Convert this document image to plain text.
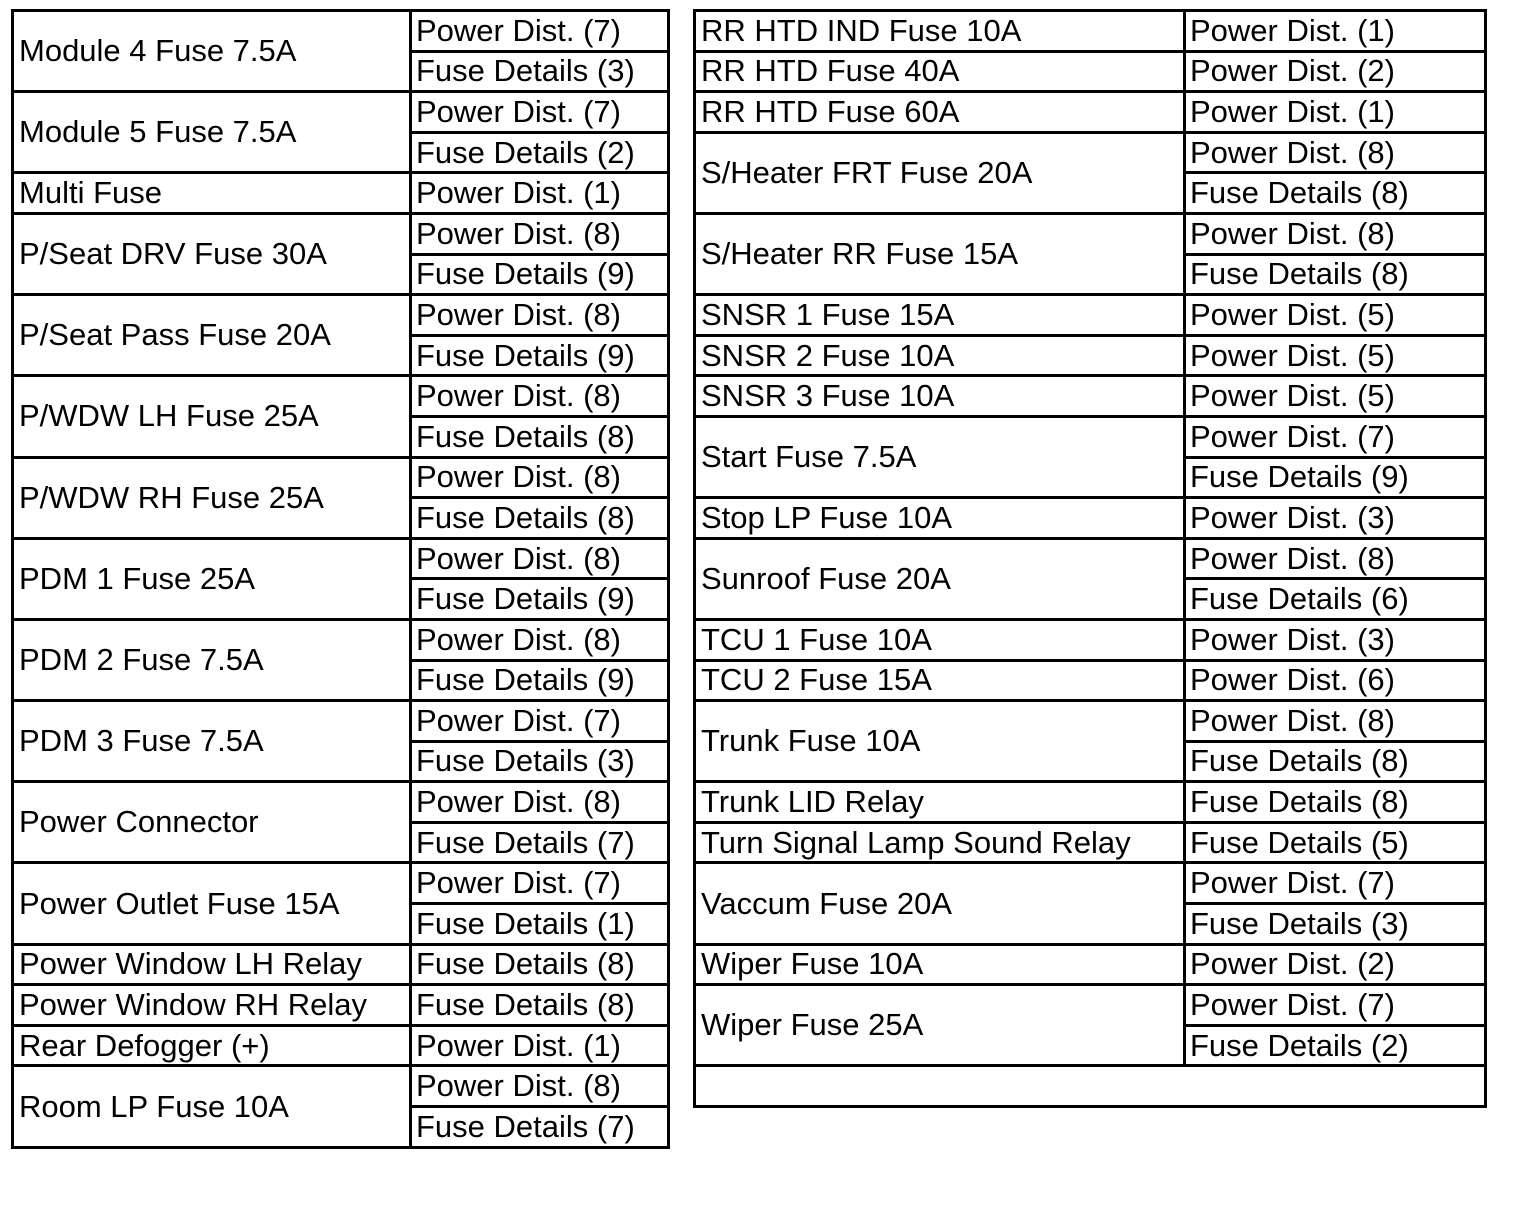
Module 4 Fuse 7.5A	Power Dist. (7)
	Fuse Details (3)
Module 5 Fuse 7.5A	Power Dist. (7)
	Fuse Details (2)
Multi Fuse	Power Dist. (1)
P/Seat DRV Fuse 30A	Power Dist. (8)
	Fuse Details (9)
P/Seat Pass Fuse 20A	Power Dist. (8)
	Fuse Details (9)
P/WDW LH Fuse 25A	Power Dist. (8)
	Fuse Details (8)
P/WDW RH Fuse 25A	Power Dist. (8)
	Fuse Details (8)
PDM 1 Fuse 25A	Power Dist. (8)
	Fuse Details (9)
PDM 2 Fuse 7.5A	Power Dist. (8)
	Fuse Details (9)
PDM 3 Fuse 7.5A	Power Dist. (7)
	Fuse Details (3)
Power Connector	Power Dist. (8)
	Fuse Details (7)
Power Outlet Fuse 15A	Power Dist. (7)
	Fuse Details (1)
Power Window LH Relay	Fuse Details (8)
Power Window RH Relay	Fuse Details (8)
Rear Defogger (+)	Power Dist. (1)
Room LP Fuse 10A	Power Dist. (8)
	Fuse Details (7)
RR HTD IND Fuse 10A	Power Dist. (1)
RR HTD Fuse 40A	Power Dist. (2)
RR HTD Fuse 60A	Power Dist. (1)
S/Heater FRT Fuse 20A	Power Dist. (8)
	Fuse Details (8)
S/Heater RR Fuse 15A	Power Dist. (8)
	Fuse Details (8)
SNSR 1 Fuse 15A	Power Dist. (5)
SNSR 2 Fuse 10A	Power Dist. (5)
SNSR 3 Fuse 10A	Power Dist. (5)
Start Fuse 7.5A	Power Dist. (7)
	Fuse Details (9)
Stop LP Fuse 10A	Power Dist. (3)
Sunroof Fuse 20A	Power Dist. (8)
	Fuse Details (6)
TCU 1 Fuse 10A	Power Dist. (3)
TCU 2 Fuse 15A	Power Dist. (6)
Trunk Fuse 10A	Power Dist. (8)
	Fuse Details (8)
Trunk LID Relay	Fuse Details (8)
Turn Signal Lamp Sound Relay	Fuse Details (5)
Vaccum Fuse 20A	Power Dist. (7)
	Fuse Details (3)
Wiper Fuse 10A	Power Dist. (2)
Wiper Fuse 25A	Power Dist. (7)
	Fuse Details (2)
